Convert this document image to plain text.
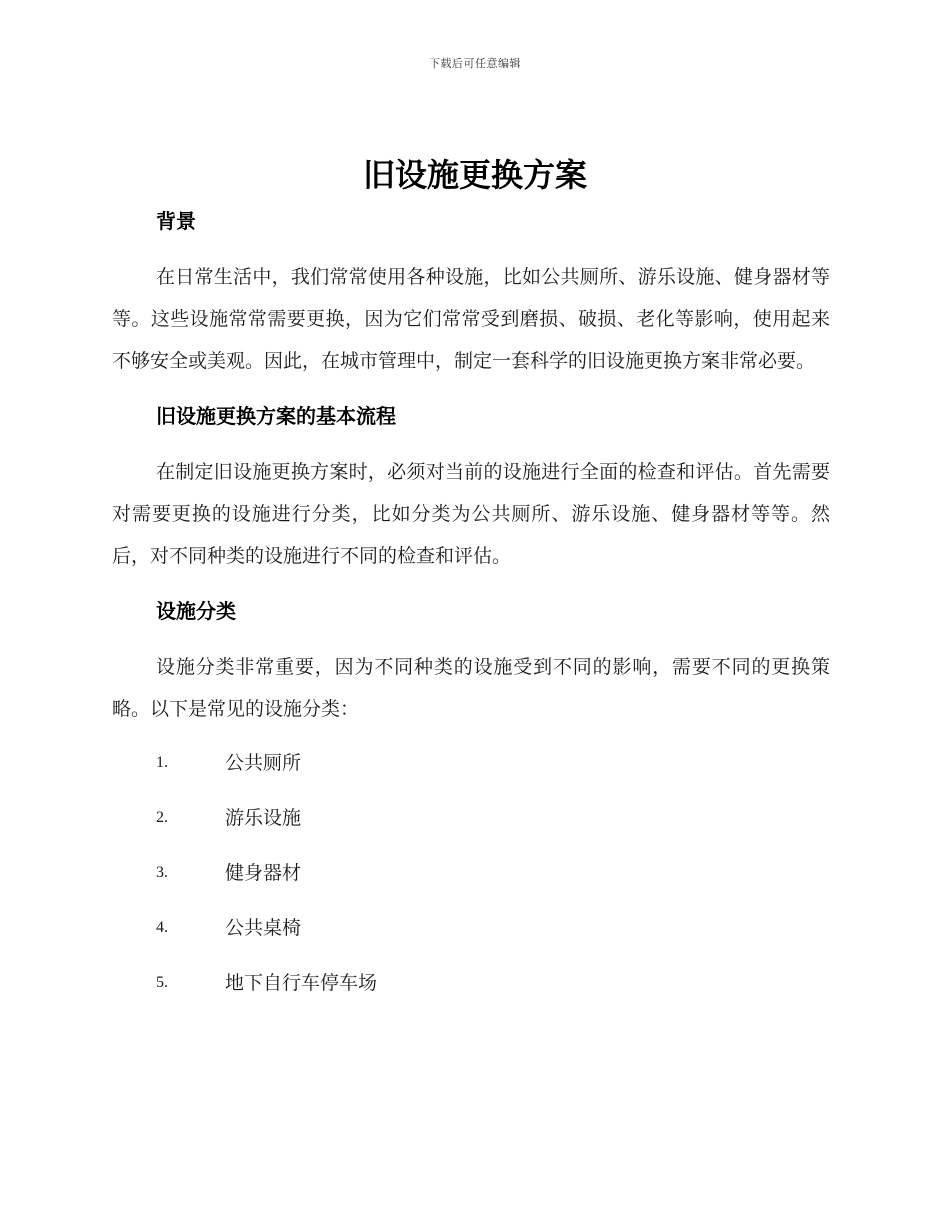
下载后可任意编辑
旧设施更换方案
背景

在日常生活中，我们常常使用各种设施，比如公共厕所、游乐设施、健身器材等等。这些设施常常需要更换，因为它们常常受到磨损、破损、老化等影响，使用起来不够安全或美观。因此，在城市管理中，制定一套科学的旧设施更换方案非常必要。

旧设施更换方案的基本流程

在制定旧设施更换方案时，必须对当前的设施进行全面的检查和评估。首先需要对需要更换的设施进行分类，比如分类为公共厕所、游乐设施、健身器材等等。然后，对不同种类的设施进行不同的检查和评估。

设施分类

设施分类非常重要，因为不同种类的设施受到不同的影响，需要不同的更换策略。以下是常见的设施分类：

1.	公共厕所
2.	游乐设施
3.	健身器材
4.	公共桌椅
5.	地下自行车停车场
